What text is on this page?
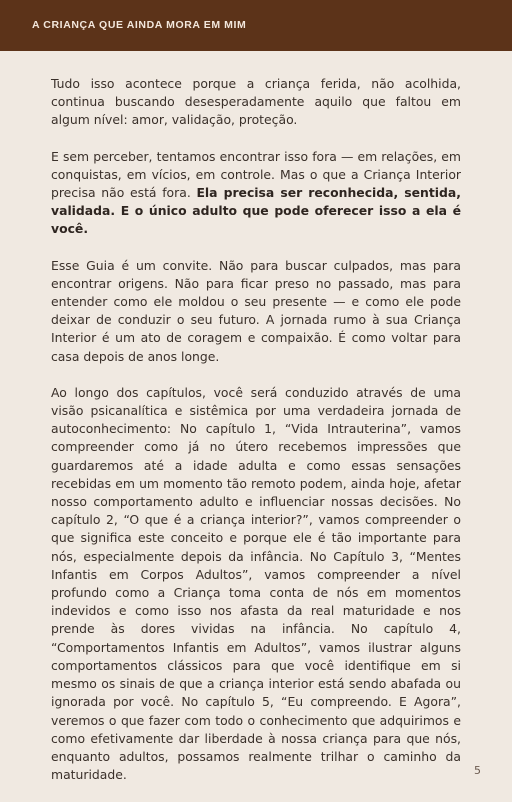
A CRIANÇA QUE AINDA MORA EM MIM

Tudo isso acontece porque a criança ferida, não acolhida, continua buscando desesperadamente aquilo que faltou em algum nível: amor, validação, proteção.

E sem perceber, tentamos encontrar isso fora — em relações, em conquistas, em vícios, em controle. Mas o que a Criança Interior precisa não está fora. Ela precisa ser reconhecida, sentida, validada. E o único adulto que pode oferecer isso a ela é você.

Esse Guia é um convite. Não para buscar culpados, mas para encontrar origens. Não para ficar preso no passado, mas para entender como ele moldou o seu presente — e como ele pode deixar de conduzir o seu futuro. A jornada rumo à sua Criança Interior é um ato de coragem e compaixão. É como voltar para casa depois de anos longe.

Ao longo dos capítulos, você será conduzido através de uma visão psicanalítica e sistêmica por uma verdadeira jornada de autoconhecimento: No capítulo 1, “Vida Intrauterina”, vamos compreender como já no útero recebemos impressões que guardaremos até a idade adulta e como essas sensações recebidas em um momento tão remoto podem, ainda hoje, afetar nosso comportamento adulto e influenciar nossas decisões. No capítulo 2, “O que é a criança interior?”, vamos compreender o que significa este conceito e porque ele é tão importante para nós, especialmente depois da infância. No Capítulo 3, “Mentes Infantis em Corpos Adultos”, vamos compreender a nível profundo como a Criança toma conta de nós em momentos indevidos e como isso nos afasta da real maturidade e nos prende às dores vividas na infância. No capítulo 4, “Comportamentos Infantis em Adultos”, vamos ilustrar alguns comportamentos clássicos para que você identifique em si mesmo os sinais de que a criança interior está sendo abafada ou ignorada por você. No capítulo 5, “Eu compreendo. E Agora”, veremos o que fazer com todo o conhecimento que adquirimos e como efetivamente dar liberdade à nossa criança para que nós, enquanto adultos, possamos realmente trilhar o caminho da maturidade.	5
